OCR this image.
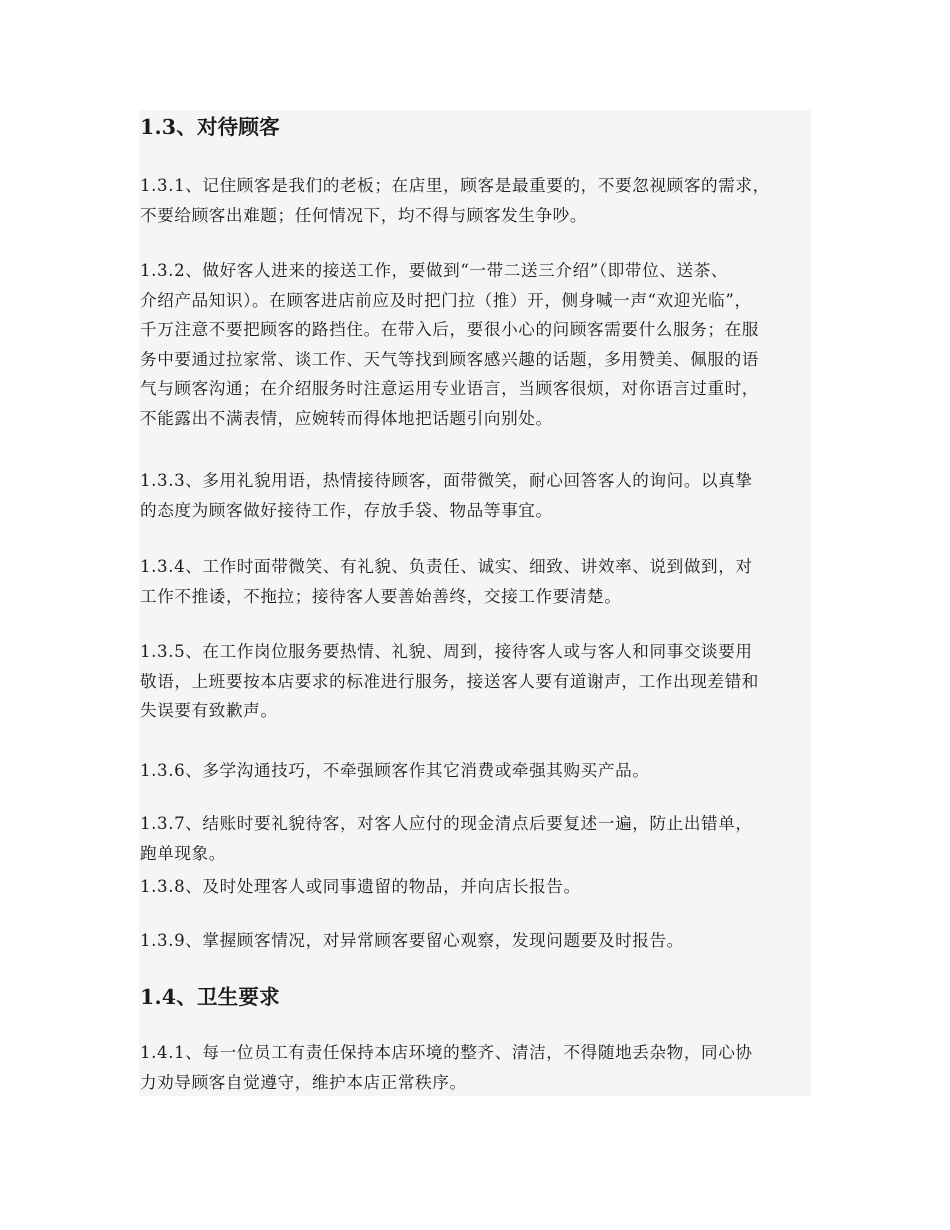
1.3、对待顾客

1.3.1、记住顾客是我们的老板；在店里，顾客是最重要的，不要忽视顾客的需求，
不要给顾客出难题；任何情况下，均不得与顾客发生争吵。

1.3.2、做好客人进来的接送工作，要做到“一带二送三介绍”（即带位、送茶、
介绍产品知识）。在顾客进店前应及时把门拉（推）开，侧身喊一声“欢迎光临”，
千万注意不要把顾客的路挡住。在带入后，要很小心的问顾客需要什么服务；在服
务中要通过拉家常、谈工作、天气等找到顾客感兴趣的话题，多用赞美、佩服的语
气与顾客沟通；在介绍服务时注意运用专业语言，当顾客很烦，对你语言过重时，
不能露出不满表情，应婉转而得体地把话题引向别处。

1.3.3、多用礼貌用语，热情接待顾客，面带微笑，耐心回答客人的询问。以真挚
的态度为顾客做好接待工作，存放手袋、物品等事宜。

1.3.4、工作时面带微笑、有礼貌、负责任、诚实、细致、讲效率、说到做到，对
工作不推诿，不拖拉；接待客人要善始善终，交接工作要清楚。

1.3.5、在工作岗位服务要热情、礼貌、周到，接待客人或与客人和同事交谈要用
敬语，上班要按本店要求的标准进行服务，接送客人要有道谢声，工作出现差错和
失误要有致歉声。

1.3.6、多学沟通技巧，不牵强顾客作其它消费或牵强其购买产品。

1.3.7、结账时要礼貌待客，对客人应付的现金清点后要复述一遍，防止出错单，
跑单现象。

1.3.8、及时处理客人或同事遗留的物品，并向店长报告。

1.3.9、掌握顾客情况，对异常顾客要留心观察，发现问题要及时报告。

1.4、卫生要求

1.4.1、每一位员工有责任保持本店环境的整齐、清洁，不得随地丢杂物，同心协
力劝导顾客自觉遵守，维护本店正常秩序。
